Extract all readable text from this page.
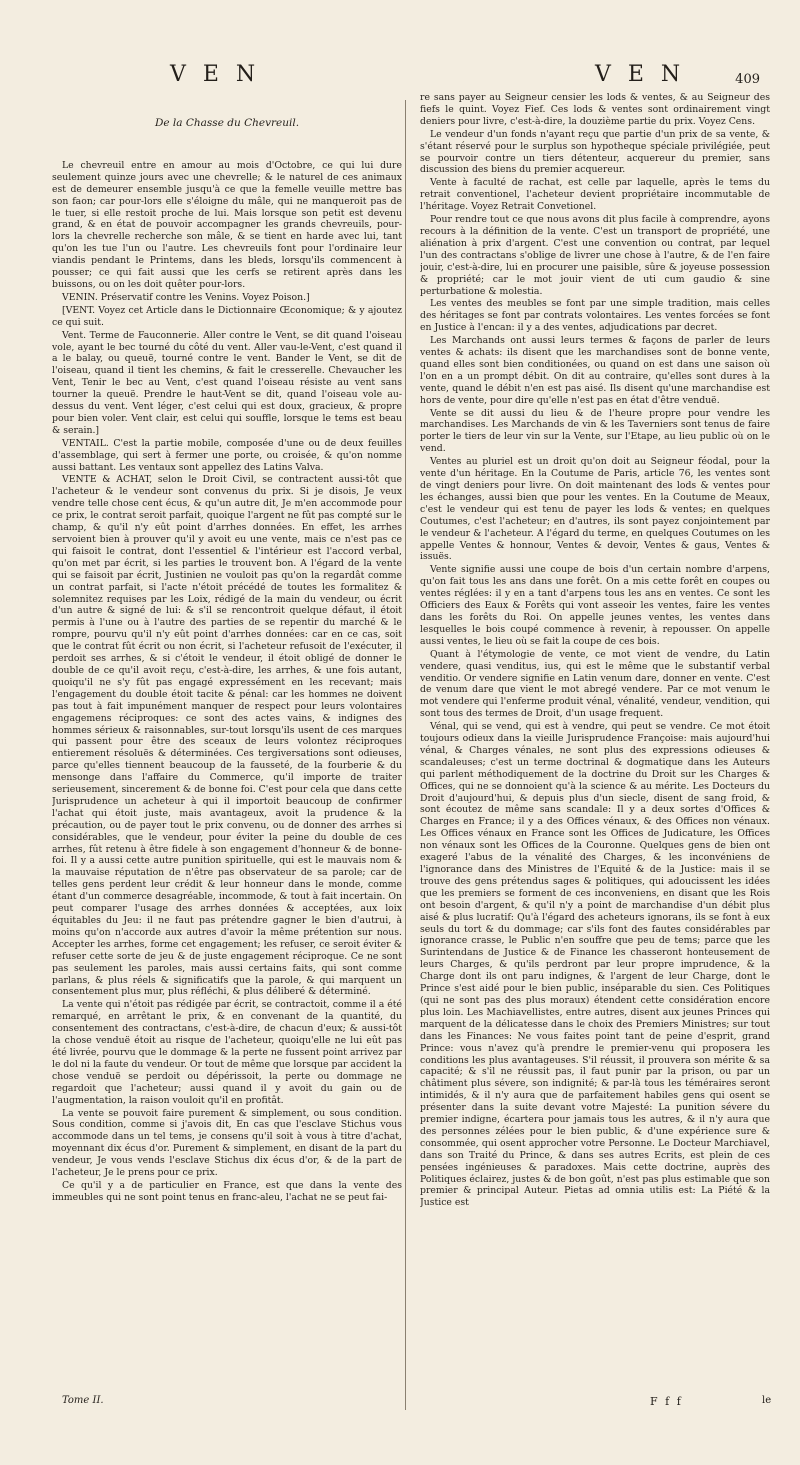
V E N	V E N	409

De la Chasse du Chevreuil.

Le chevreuil entre en amour au mois d'Octobre, ce qui lui dure seulement quinze jours avec une chevrelle; & le naturel de ces animaux est de demeurer ensemble jusqu'à ce que la femelle veuille mettre bas son faon; car pour-lors elle s'éloigne du mâle, qui ne manqueroit pas de le tuer, si elle restoit proche de lui. Mais lorsque son petit est devenu grand, & en état de pouvoir accompagner les grands chevreuils, pour-lors la chevrelle recherche son mâle, & se tient en harde avec lui, tant qu'on les tue l'un ou l'autre. Les chevreuils font pour l'ordinaire leur viandis pendant le Printems, dans les bleds, lorsqu'ils commencent à pousser; ce qui fait aussi que les cerfs se retirent après dans les buissons, ou on les doit quêter pour-lors.

VENIN. Préservatif contre les Venins. Voyez Poison.]

[VENT. Voyez cet Article dans le Dictionnaire Œconomique; & y ajoutez ce qui suit.

Vent. Terme de Fauconnerie. Aller contre le Vent, se dit quand l'oiseau vole, ayant le bec tourné du côté du vent. Aller vau-le-Vent, c'est quand il a le balay, ou queuë, tourné contre le vent. Bander le Vent, se dit de l'oiseau, quand il tient les chemins, & fait le cresserelle. Chevaucher les Vent, Tenir le bec au Vent, c'est quand l'oiseau résiste au vent sans tourner la queuë. Prendre le haut-Vent se dit, quand l'oiseau vole au-dessus du vent. Vent léger, c'est celui qui est doux, gracieux, & propre pour bien voler. Vent clair, est celui qui souffle, lorsque le tems est beau & serain.]

VENTAIL. C'est la partie mobile, composée d'une ou de deux feuilles d'assemblage, qui sert à fermer une porte, ou croisée, & qu'on nomme aussi battant. Les ventaux sont appellez des Latins Valva.

VENTE & ACHAT, selon le Droit Civil, se contractent aussi-tôt que l'acheteur & le vendeur sont convenus du prix. Si je disois, Je veux vendre telle chose cent écus, & qu'un autre dit, Je m'en accommode pour ce prix, le contrat seroit parfait, quoique l'argent ne fût pas compté sur le champ, & qu'il n'y eût point d'arrhes données. En effet, les arrhes servoient bien à prouver qu'il y avoit eu une vente, mais ce n'est pas ce qui faisoit le contrat, dont l'essentiel & l'intérieur est l'accord verbal, qu'on met par écrit, si les parties le trouvent bon. A l'égard de la vente qui se faisoit par écrit, Justinien ne vouloit pas qu'on la regardât comme un contrat parfait, si l'acte n'étoit précédé de toutes les formalitez & solemnitez requises par les Loix, rédigé de la main du vendeur, ou écrit d'un autre & signé de lui: & s'il se rencontroit quelque défaut, il étoit permis à l'une ou à l'autre des parties de se repentir du marché & le rompre, pourvu qu'il n'y eût point d'arrhes données: car en ce cas, soit que le contrat fût écrit ou non écrit, si l'acheteur refusoit de l'exécuter, il perdoit ses arrhes, & si c'étoit le vendeur, il étoit obligé de donner le double de ce qu'il avoit reçu, c'est-à-dire, les arrhes, & une fois autant, quoiqu'il ne s'y fût pas engagé expressément en les recevant; mais l'engagement du double étoit tacite & pénal: car les hommes ne doivent pas tout à fait impunément manquer de respect pour leurs volontaires engagemens réciproques: ce sont des actes vains, & indignes des hommes sérieux & raisonnables, sur-tout lorsqu'ils usent de ces marques qui passent pour être des sceaux de leurs volontez réciproques entierement résoluës & déterminées. Ces tergiversations sont odieuses, parce qu'elles tiennent beaucoup de la fausseté, de la fourberie & du mensonge dans l'affaire du Commerce, qu'il importe de traiter serieusement, sincerement & de bonne foi. C'est pour cela que dans cette Jurisprudence un acheteur à qui il importoit beaucoup de confirmer l'achat qui étoit juste, mais avantageux, avoit la prudence & la précaution, ou de payer tout le prix convenu, ou de donner des arrhes si considérables, que le vendeur, pour éviter la peine du double de ces arrhes, fût retenu à être fidele à son engagement d'honneur & de bonne-foi. Il y a aussi cette autre punition spirituelle, qui est le mauvais nom & la mauvaise réputation de n'être pas observateur de sa parole; car de telles gens perdent leur crédit & leur honneur dans le monde, comme étant d'un commerce desagréable, incommode, & tout à fait incertain. On peut comparer l'usage des arrhes données & acceptées, aux loix équitables du Jeu: il ne faut pas prétendre gagner le bien d'autrui, à moins qu'on n'accorde aux autres d'avoir la même prétention sur nous. Accepter les arrhes, forme cet engagement; les refuser, ce seroit éviter & refuser cette sorte de jeu & de juste engagement réciproque. Ce ne sont pas seulement les paroles, mais aussi certains faits, qui sont comme parlans, & plus réels & significatifs que la parole, & qui marquent un consentement plus mur, plus réfléchi, & plus déliberé & déterminé.

La vente qui n'étoit pas rédigée par écrit, se contractoit, comme il a été remarqué, en arrêtant le prix, & en convenant de la quantité, du consentement des contractans, c'est-à-dire, de chacun d'eux; & aussi-tôt la chose venduë étoit au risque de l'acheteur, quoiqu'elle ne lui eût pas été livrée, pourvu que le dommage & la perte ne fussent point arrivez par le dol ni la faute du vendeur. Or tout de même que lorsque par accident la chose venduë se perdoit ou dépérissoit, la perte ou dommage ne regardoit que l'acheteur; aussi quand il y avoit du gain ou de l'augmentation, la raison vouloit qu'il en profitât.

La vente se pouvoit faire purement & simplement, ou sous condition. Sous condition, comme si j'avois dit, En cas que l'esclave Stichus vous accommode dans un tel tems, je consens qu'il soit à vous à titre d'achat, moyennant dix écus d'or. Purement & simplement, en disant de la part du vendeur, Je vous vends l'esclave Stichus dix écus d'or, & de la part de l'acheteur, Je le prens pour ce prix.

Ce qu'il y a de particulier en France, est que dans la vente des immeubles qui ne sont point tenus en franc-aleu, l'achat ne se peut fai-

re sans payer au Seigneur censier les lods & ventes, & au Seigneur des fiefs le quint. Voyez Fief. Ces lods & ventes sont ordinairement vingt deniers pour livre, c'est-à-dire, la douzième partie du prix. Voyez Cens.

Le vendeur d'un fonds n'ayant reçu que partie d'un prix de sa vente, & s'étant réservé pour le surplus son hypotheque spéciale privilégiée, peut se pourvoir contre un tiers détenteur, acquereur du premier, sans discussion des biens du premier acquereur.

Vente à faculté de rachat, est celle par laquelle, après le tems du retrait conventionel, l'acheteur devient propriétaire incommutable de l'héritage. Voyez Retrait Convetionel.

Pour rendre tout ce que nous avons dit plus facile à comprendre, ayons recours à la définition de la vente. C'est un transport de propriété, une aliénation à prix d'argent. C'est une convention ou contrat, par lequel l'un des contractans s'oblige de livrer une chose à l'autre, & de l'en faire jouir, c'est-à-dire, lui en procurer une paisible, sûre & joyeuse possession & propriété; car le mot jouir vient de uti cum gaudio & sine perturbatione & molestia.

Les ventes des meubles se font par une simple tradition, mais celles des héritages se font par contrats volontaires. Les ventes forcées se font en Justice à l'encan: il y a des ventes, adjudications par decret.

Les Marchands ont aussi leurs termes & façons de parler de leurs ventes & achats: ils disent que les marchandises sont de bonne vente, quand elles sont bien conditionées, ou quand on est dans une saison où l'on en a un prompt débit. On dit au contraire, qu'elles sont dures à la vente, quand le débit n'en est pas aisé. Ils disent qu'une marchandise est hors de vente, pour dire qu'elle n'est pas en état d'être venduë.

Vente se dit aussi du lieu & de l'heure propre pour vendre les marchandises. Les Marchands de vin & les Taverniers sont tenus de faire porter le tiers de leur vin sur la Vente, sur l'Etape, au lieu public où on le vend.

Ventes au pluriel est un droit qu'on doit au Seigneur féodal, pour la vente d'un héritage. En la Coutume de Paris, article 76, les ventes sont de vingt deniers pour livre. On doit maintenant des lods & ventes pour les échanges, aussi bien que pour les ventes. En la Coutume de Meaux, c'est le vendeur qui est tenu de payer les lods & ventes; en quelques Coutumes, c'est l'acheteur; en d'autres, ils sont payez conjointement par le vendeur & l'acheteur. A l'égard du terme, en quelques Coutumes on les appelle Ventes & honnour, Ventes & devoir, Ventes & gaus, Ventes & issuës.

Vente signifie aussi une coupe de bois d'un certain nombre d'arpens, qu'on fait tous les ans dans une forêt. On a mis cette forêt en coupes ou ventes réglées: il y en a tant d'arpens tous les ans en ventes. Ce sont les Officiers des Eaux & Forêts qui vont asseoir les ventes, faire les ventes dans les forêts du Roi. On appelle jeunes ventes, les ventes dans lesquelles le bois coupé commence à revenir, à repousser. On appelle aussi ventes, le lieu où se fait la coupe de ces bois.

Quant à l'étymologie de vente, ce mot vient de vendre, du Latin vendere, quasi venditus, ius, qui est le même que le substantif verbal venditio. Or vendere signifie en Latin venum dare, donner en vente. C'est de venum dare que vient le mot abregé vendere. Par ce mot venum le mot vendere qui l'enferme produit vénal, vénalité, vendeur, vendition, qui sont tous des termes de Droit, d'un usage frequent.

Vénal, qui se vend, qui est à vendre, qui peut se vendre. Ce mot étoit toujours odieux dans la vieille Jurisprudence Françoise: mais aujourd'hui vénal, & Charges vénales, ne sont plus des expressions odieuses & scandaleuses; c'est un terme doctrinal & dogmatique dans les Auteurs qui parlent méthodiquement de la doctrine du Droit sur les Charges & Offices, qui ne se donnoient qu'à la science & au mérite. Les Docteurs du Droit d'aujourd'hui, & depuis plus d'un siecle, disent de sang froid, & sont écoutez de même sans scandale: Il y a deux sortes d'Offices & Charges en France; il y a des Offices vénaux, & des Offices non vénaux. Les Offices vénaux en France sont les Offices de Judicature, les Offices non vénaux sont les Offices de la Couronne. Quelques gens de bien ont exageré l'abus de la vénalité des Charges, & les inconvéniens de l'ignorance dans des Ministres de l'Equité & de la Justice: mais il se trouve des gens prétendus sages & politiques, qui adoucissent les idées que les premiers se forment de ces inconveniens, en disant que les Rois ont besoin d'argent, & qu'il n'y a point de marchandise d'un débit plus aisé & plus lucratif: Qu'à l'égard des acheteurs ignorans, ils se font à eux seuls du tort & du dommage; car s'ils font des fautes considérables par ignorance crasse, le Public n'en souffre que peu de tems; parce que les Surintendans de Justice & de Finance les chasseront honteusement de leurs Charges, & qu'ils perdront par leur propre imprudence, & la Charge dont ils ont paru indignes, & l'argent de leur Charge, dont le Prince s'est aidé pour le bien public, inséparable du sien. Ces Politiques (qui ne sont pas des plus moraux) étendent cette considération encore plus loin. Les Machiavellistes, entre autres, disent aux jeunes Princes qui marquent de la délicatesse dans le choix des Premiers Ministres; sur tout dans les Finances: Ne vous faites point tant de peine d'esprit, grand Prince: vous n'avez qu'à prendre le premier-venu qui proposera les conditions les plus avantageuses. S'il réussit, il prouvera son mérite & sa capacité; & s'il ne réussit pas, il faut punir par la prison, ou par un châtiment plus sévere, son indignité; & par-là tous les téméraires seront intimidés, & il n'y aura que de parfaitement habiles gens qui osent se présenter dans la suite devant votre Majesté: La punition sévere du premier indigne, écartera pour jamais tous les autres, & il n'y aura que des personnes zélées pour le bien public, & d'une expérience sure & consommée, qui osent approcher votre Personne. Le Docteur Marchiavel, dans son Traité du Prince, & dans ses autres Ecrits, est plein de ces pensées ingénieuses & paradoxes. Mais cette doctrine, auprès des Politiques éclairez, justes & de bon goût, n'est pas plus estimable que son premier & principal Auteur. Pietas ad omnia utilis est: La Piété & la Justice est

Tome II.	F f f	le
